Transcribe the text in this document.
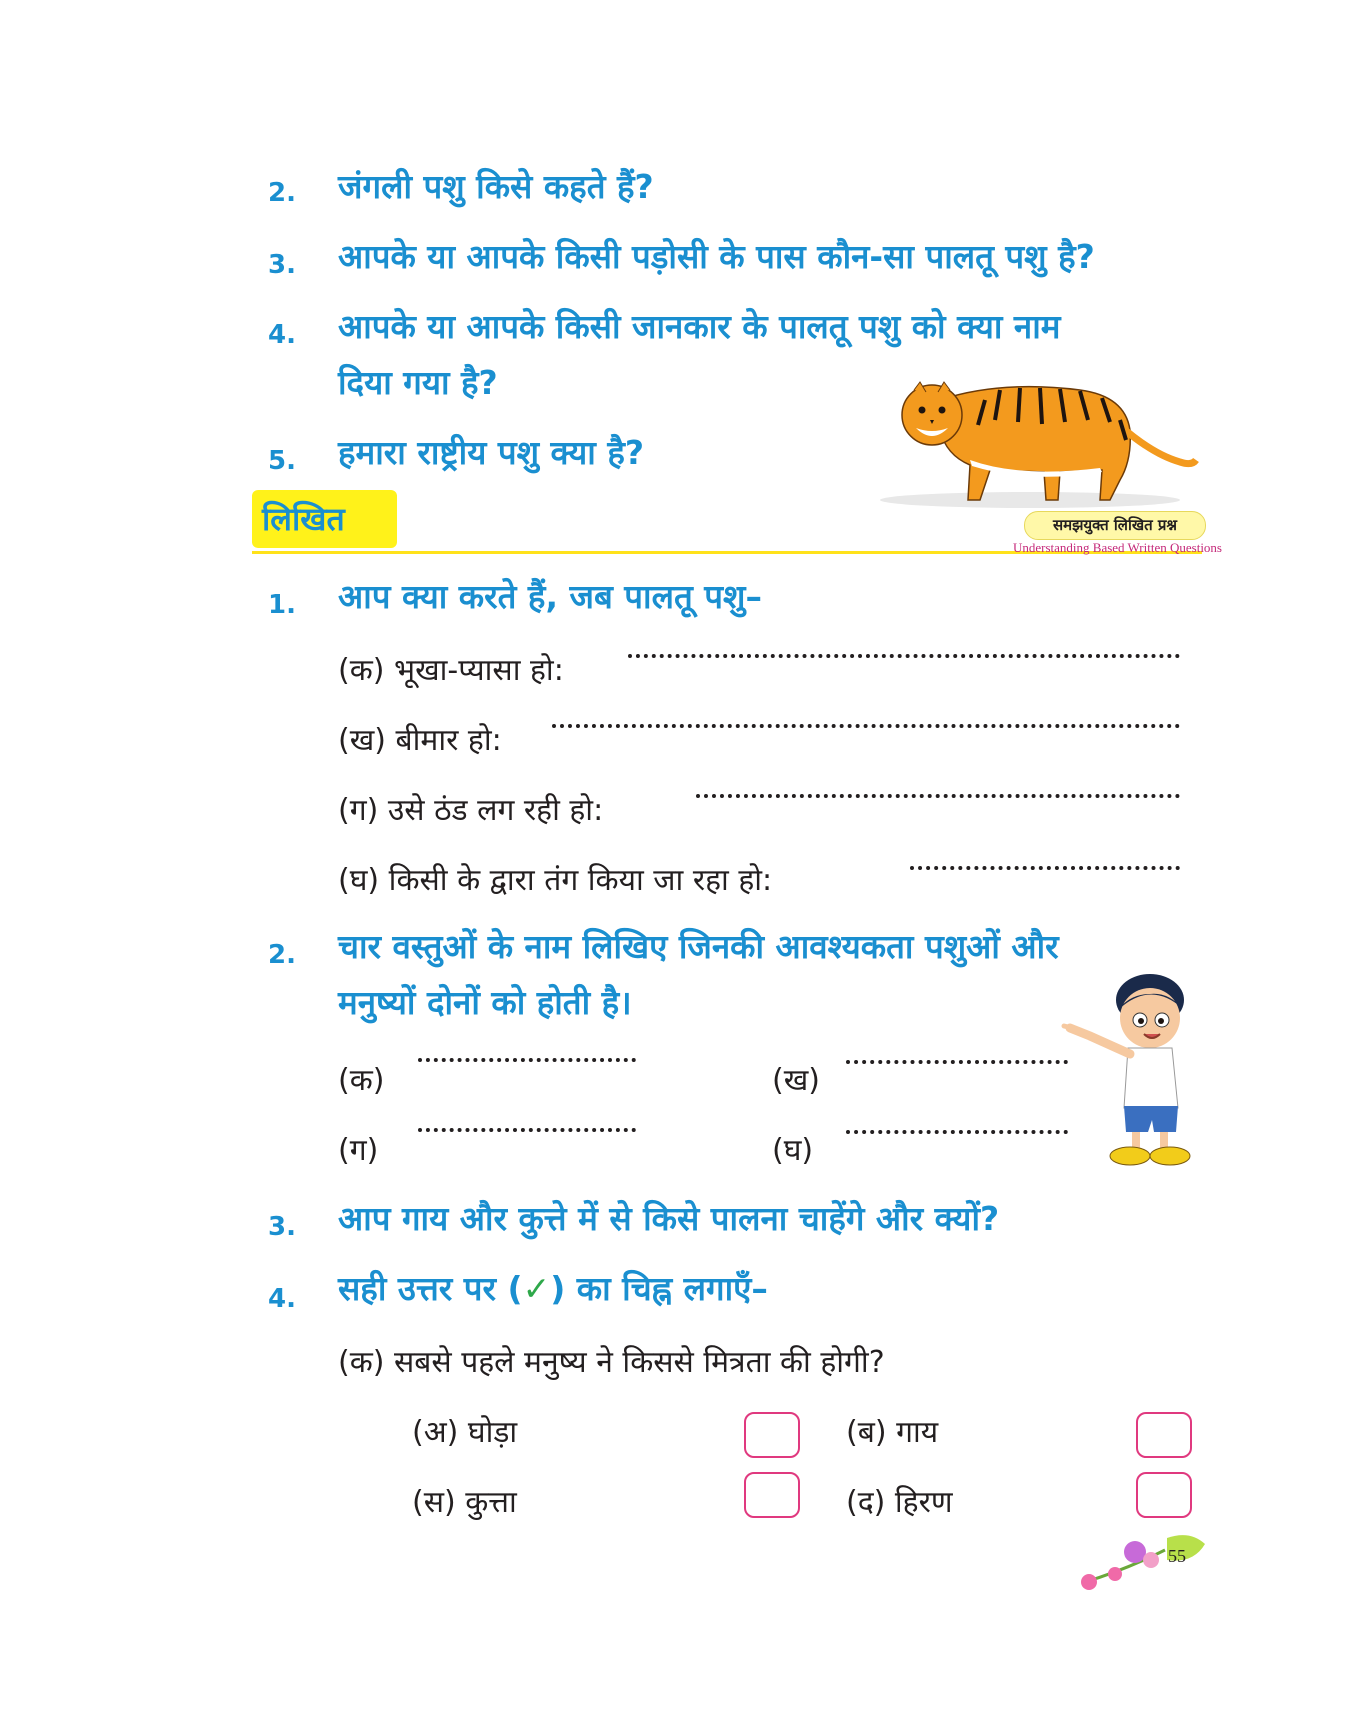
2. जंगली पशु किसे कहते हैं?
3. आपके या आपके किसी पड़ोसी के पास कौन-सा पालतू पशु है?
4. आपके या आपके किसी जानकार के पालतू पशु को क्या नाम
दिया गया है?
5. हमारा राष्ट्रीय पशु क्या है?
लिखित	समझयुक्त लिखित प्रश्न
Understanding Based Written Questions
1. आप क्या करते हैं, जब पालतू पशु–
(क) भूखा-प्यासा हो:
(ख) बीमार हो:
(ग) उसे ठंड लग रही हो:
(घ) किसी के द्वारा तंग किया जा रहा हो:
2. चार वस्तुओं के नाम लिखिए जिनकी आवश्यकता पशुओं और
मनुष्यों दोनों को होती है।
(क)	(ख)
(ग)	(घ)
3. आप गाय और कुत्ते में से किसे पालना चाहेंगे और क्यों?
4. सही उत्तर पर (✓) का चिह्न लगाएँ–
(क) सबसे पहले मनुष्य ने किससे मित्रता की होगी?
(अ) घोड़ा	(ब) गाय
(स) कुत्ता	(द) हिरण
55
